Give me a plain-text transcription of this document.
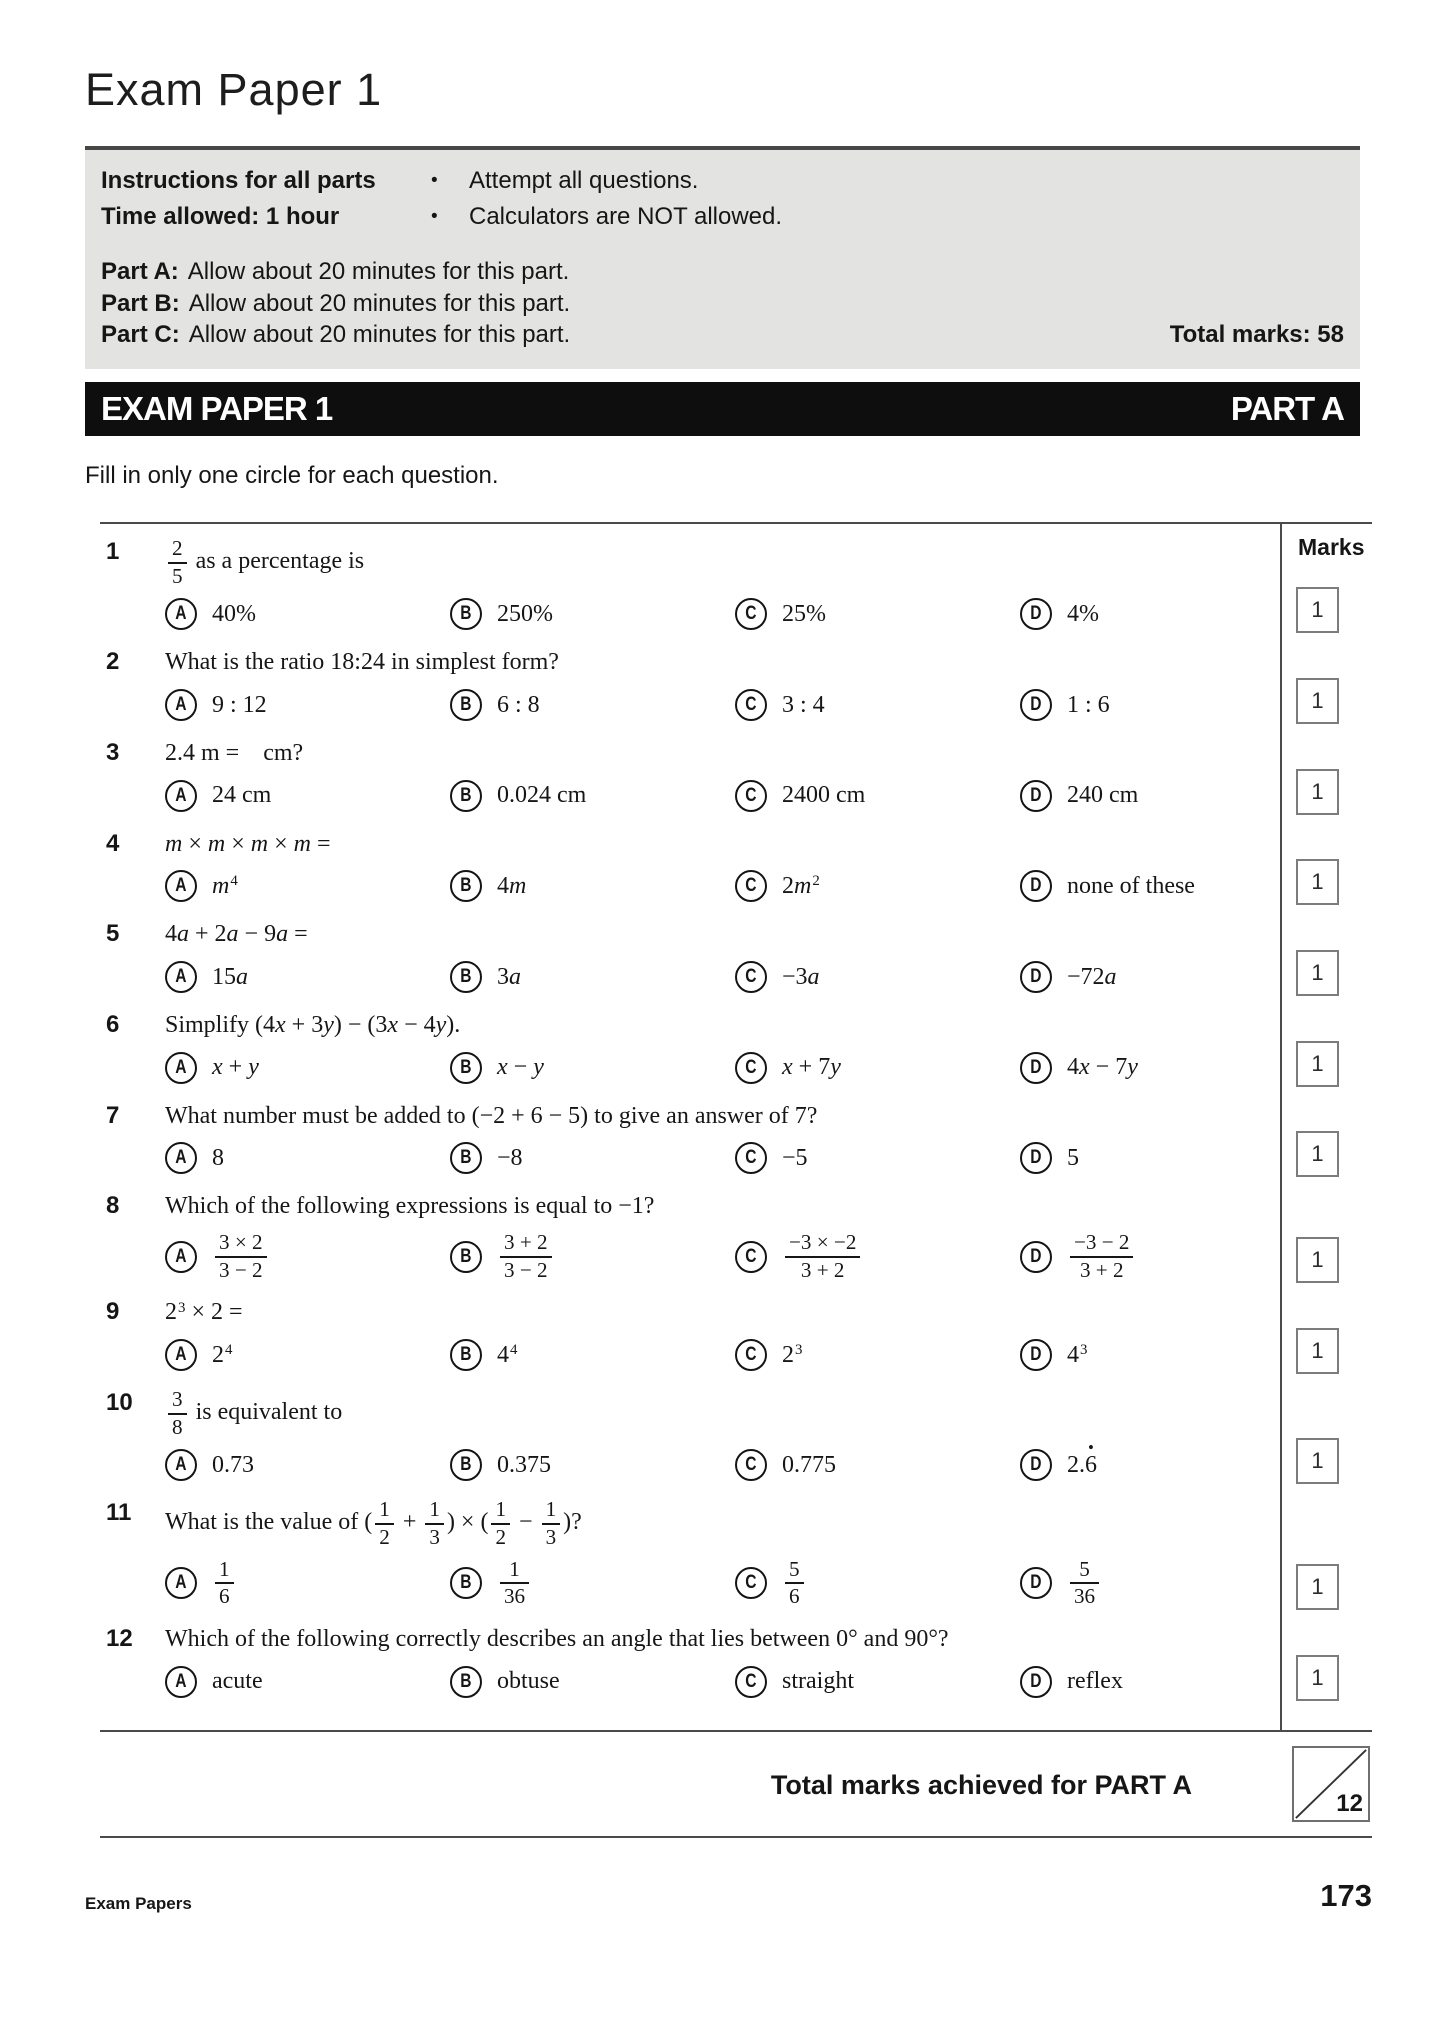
Exam Paper 1
Instructions for all parts	•	Attempt all questions.
Time allowed: 1 hour	•	Calculators are NOT allowed.
Part A: Allow about 20 minutes for this part.
Part B: Allow about 20 minutes for this part.
Part C: Allow about 20 minutes for this part.	Total marks: 58
EXAM PAPER 1	PART A

Fill in only one circle for each question.

Marks
1	$\frac{2}{5}$ as a percentage is
A 40%	B 250%	C 25%	D 4%	1
2	What is the ratio 18:24 in simplest form?
A 9 : 12	B 6 : 8	C 3 : 4	D 1 : 6	1
3	2.4 m =   cm?
A 24 cm	B 0.024 cm	C 2400 cm	D 240 cm	1
4	m × m × m × m =
A $m^4$	B 4m	C $2m^2$	D none of these	1
5	4a + 2a − 9a =
A 15a	B 3a	C −3a	D −72a	1
6	Simplify (4x + 3y) − (3x − 4y).
A x + y	B x − y	C x + 7y	D 4x − 7y	1
7	What number must be added to (−2 + 6 − 5) to give an answer of 7?
A 8	B −8	C −5	D 5	1
8	Which of the following expressions is equal to −1?
A $\frac{3 \times 2}{3 - 2}$	B $\frac{3 + 2}{3 - 2}$	C $\frac{-3 \times -2}{3 + 2}$	D $\frac{-3 - 2}{3 + 2}$	1
9	$2^3 \times 2$ =
A $2^4$	B $4^4$	C $2^3$	D $4^3$	1
10	$\frac{3}{8}$ is equivalent to
A 0.73	B 0.375	C 0.775	D 2.6 •	1
11	What is the value of ( $\frac{1}{2} + \frac{1}{3}$ ) × ( $\frac{1}{2} - \frac{1}{3}$ )?
A $\frac{1}{6}$	B $\frac{1}{36}$	C $\frac{5}{6}$	D $\frac{5}{36}$	1
12	Which of the following correctly describes an angle that lies between 0° and 90°?
A acute	B obtuse	C straight	D reflex	1
Total marks achieved for PART A
12
Exam Papers	173
